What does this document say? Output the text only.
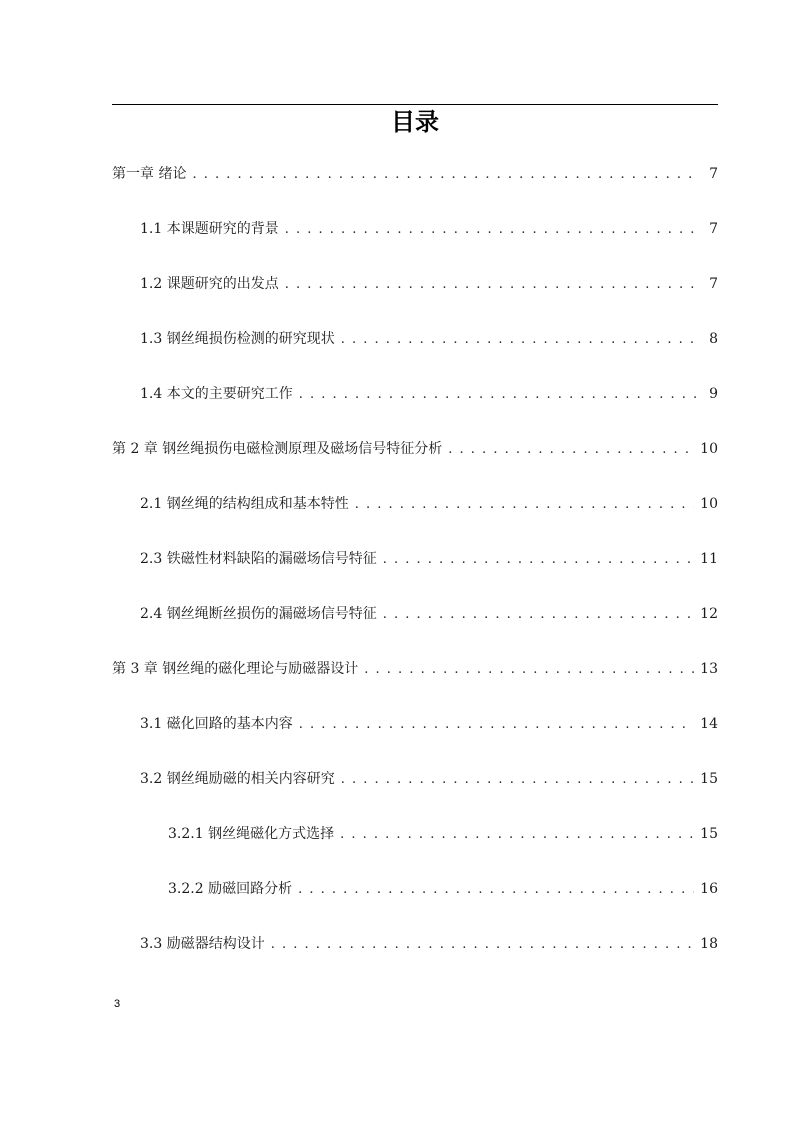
目录
第一章 绪论 . . .	7
1.1 本课题研究的背景 . . .	7
1.2 课题研究的出发点 . . .	7
1.3 钢丝绳损伤检测的研究现状 . . .	8
1.4 本文的主要研究工作 . . .	9
第 2 章 钢丝绳损伤电磁检测原理及磁场信号特征分析 . . .	10
2.1 钢丝绳的结构组成和基本特性 . . .	10
2.3 铁磁性材料缺陷的漏磁场信号特征 . . .	11
2.4 钢丝绳断丝损伤的漏磁场信号特征 . . .	12
第 3 章 钢丝绳的磁化理论与励磁器设计 . . .	13
3.1 磁化回路的基本内容 . . .	14
3.2 钢丝绳励磁的相关内容研究 . . .	15
3.2.1 钢丝绳磁化方式选择 . . .	15
3.2.2 励磁回路分析 . . .	16
3.3 励磁器结构设计 . . .	18
3
